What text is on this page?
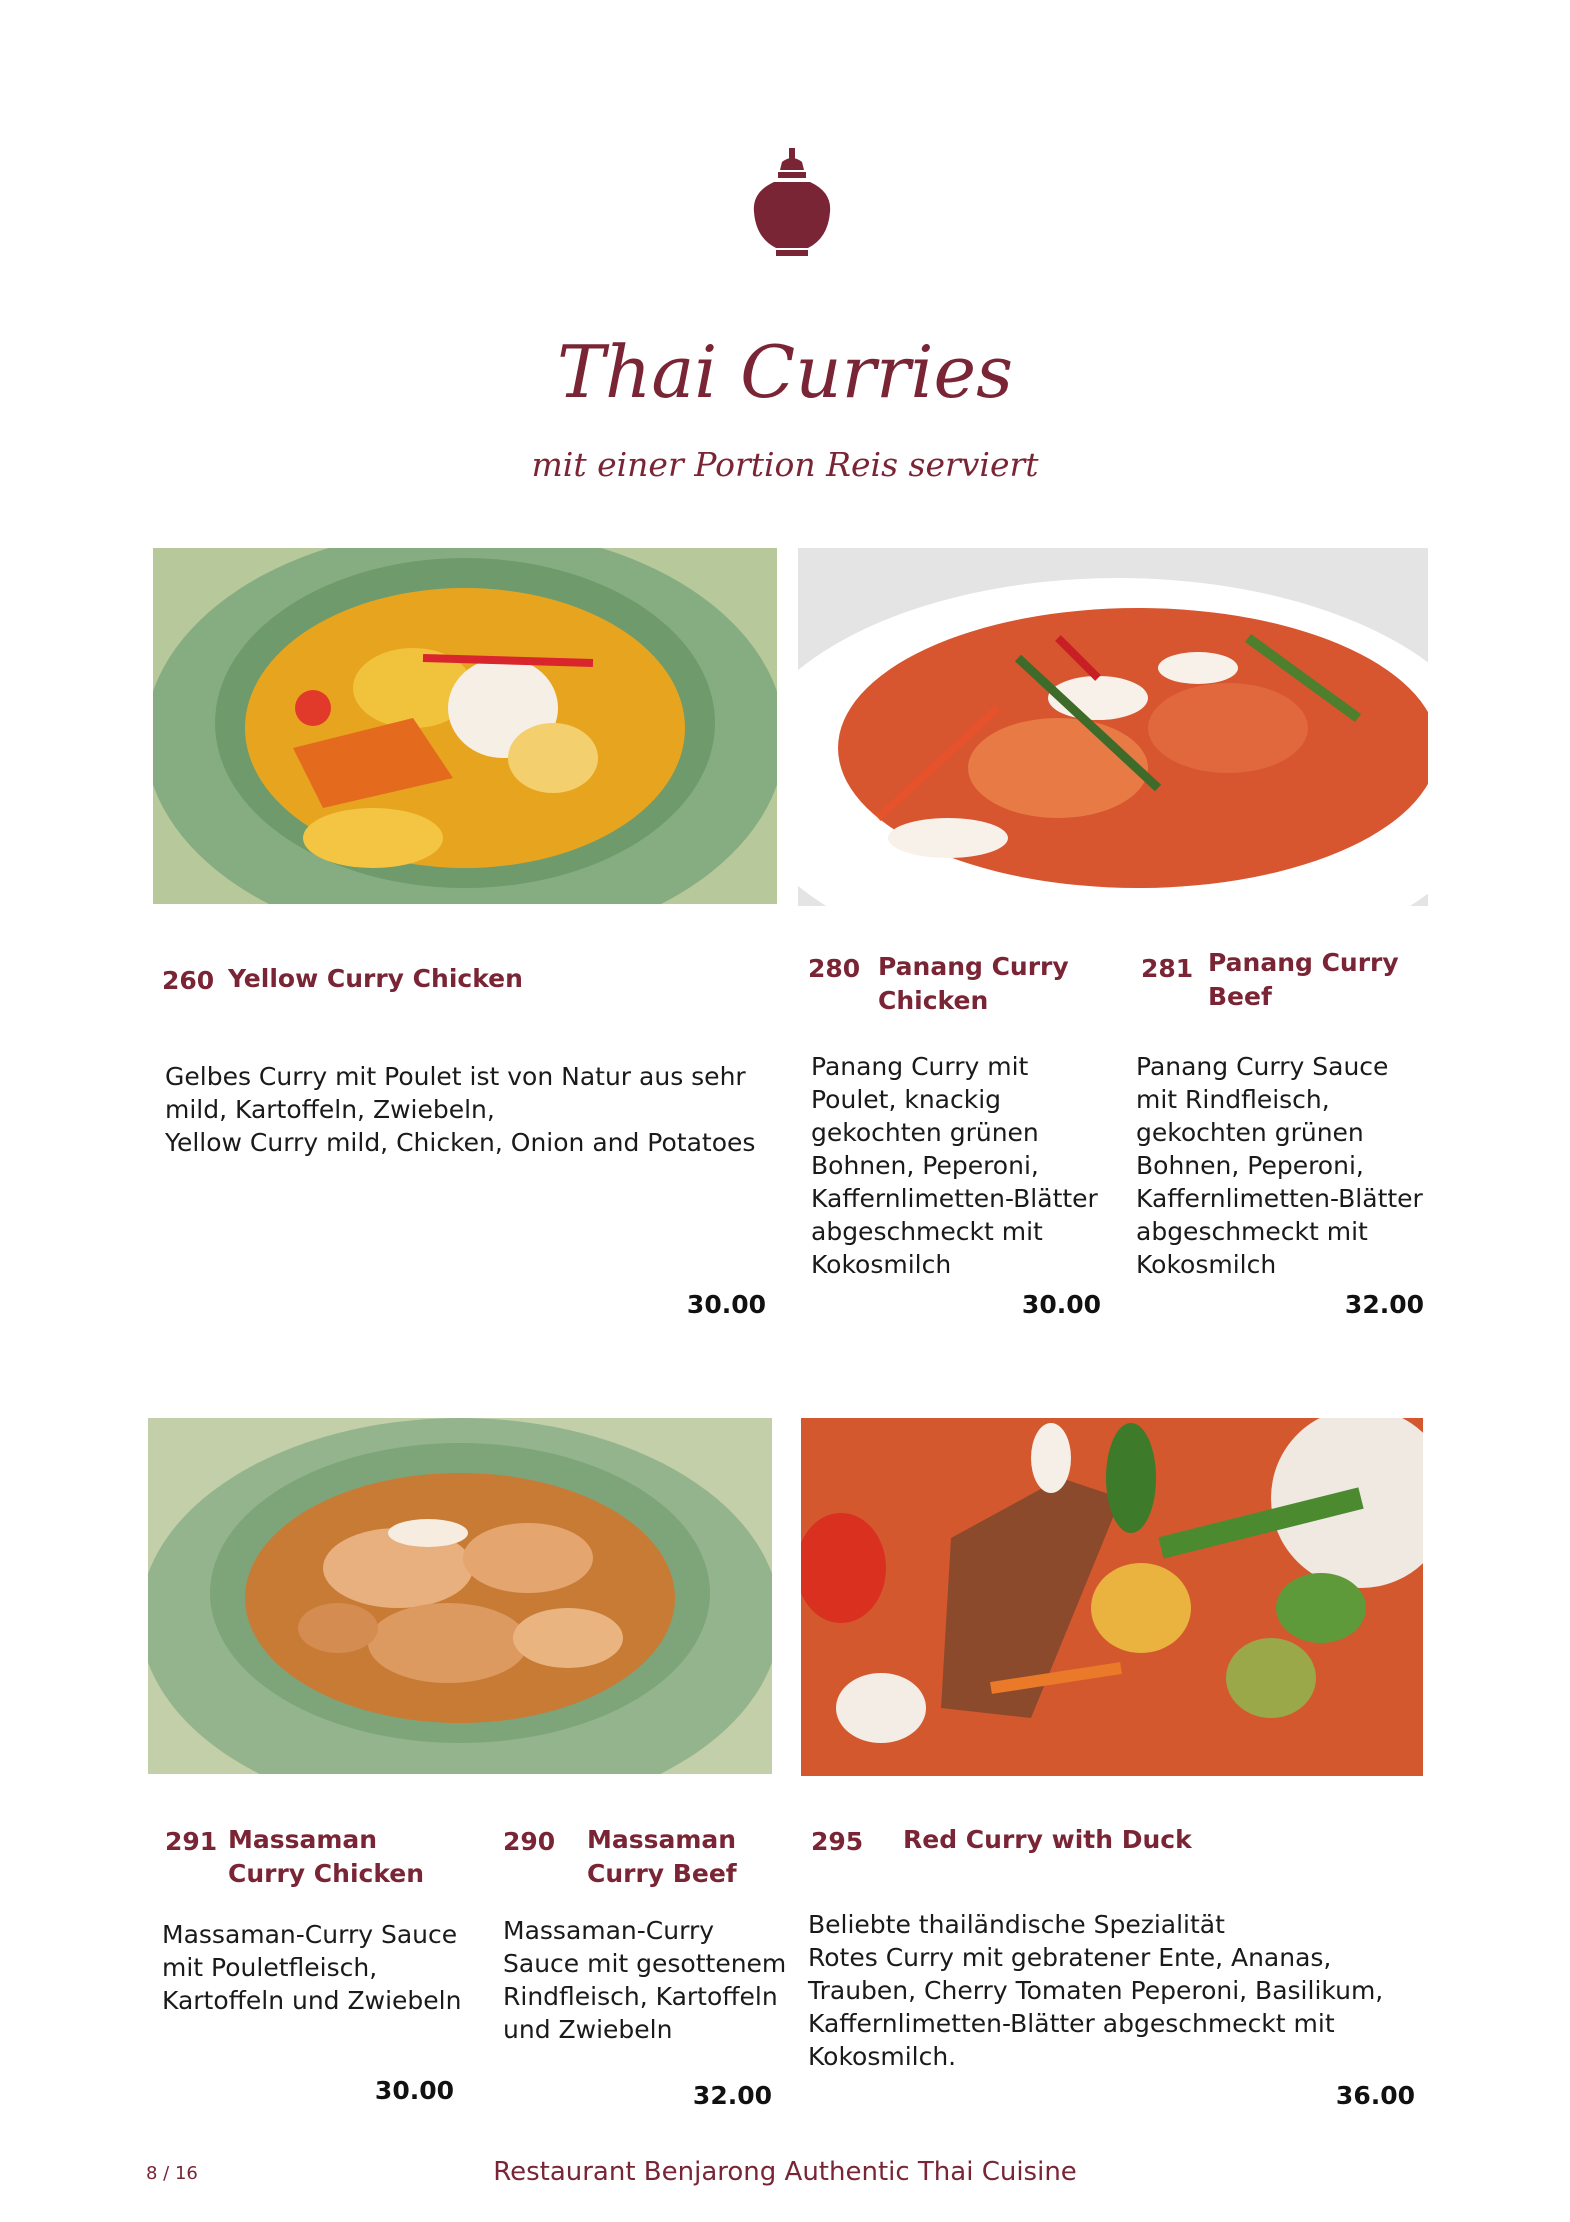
Thai Curries
mit einer Portion Reis serviert
260 Yellow Curry Chicken
Gelbes Curry mit Poulet ist von Natur aus sehr mild, Kartoffeln, Zwiebeln,
Yellow Curry mild, Chicken, Onion and Potatoes
30.00
280 Panang Curry Chicken
Panang Curry mit Poulet, knackig gekochten grünen Bohnen, Peperoni, Kaffernlimetten-Blätter abgeschmeckt mit Kokosmilch
30.00
281 Panang Curry Beef
Panang Curry Sauce mit Rindfleisch, gekochten grünen Bohnen, Peperoni, Kaffernlimetten-Blätter abgeschmeckt mit Kokosmilch
32.00
291 Massaman Curry Chicken
Massaman-Curry Sauce mit Pouletfleisch, Kartoffeln und Zwiebeln
30.00
290 Massaman Curry Beef
Massaman-Curry Sauce mit gesottenem Rindfleisch, Kartoffeln und Zwiebeln
32.00
295 Red Curry with Duck
Beliebte thailändische Spezialität
Rotes Curry mit gebratener Ente, Ananas, Trauben, Cherry Tomaten Peperoni, Basilikum, Kaffernlimetten-Blätter abgeschmeckt mit Kokosmilch.
36.00
8 / 16	Restaurant Benjarong Authentic Thai Cuisine
